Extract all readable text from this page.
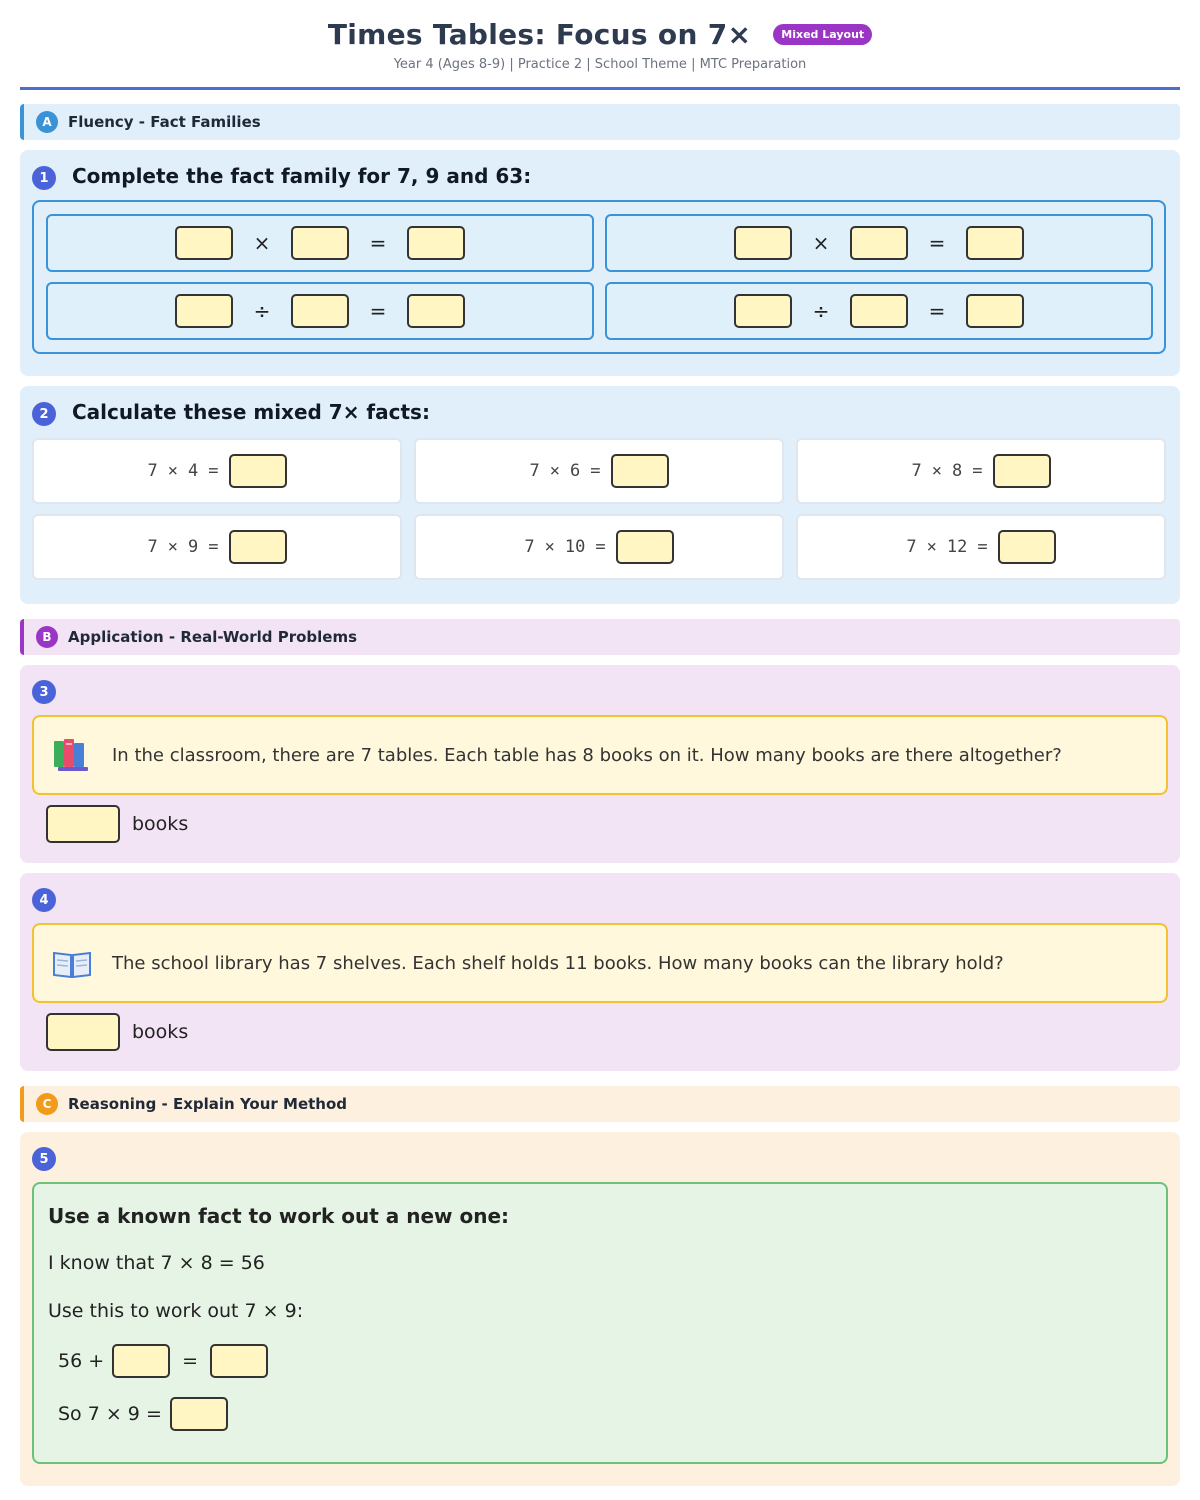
Times Tables: Focus on 7×	Mixed Layout
Year 4 (Ages 8-9) | Practice 2 | School Theme | MTC Preparation
A	Fluency - Fact Families
1	Complete the fact family for 7, 9 and 63:
×	=	×	=
÷	=	÷	=
2	Calculate these mixed 7× facts:
7 × 4 =	7 × 6 =	7 × 8 =
7 × 9 =	7 × 10 =	7 × 12 =
B	Application - Real-World Problems
3
In the classroom, there are 7 tables. Each table has 8 books on it. How many books are there altogether?
books
4
The school library has 7 shelves. Each shelf holds 11 books. How many books can the library hold?
books
C	Reasoning - Explain Your Method
5
Use a known fact to work out a new one:
I know that 7 × 8 = 56
Use this to work out 7 × 9:
56 +	=
So 7 × 9 =
